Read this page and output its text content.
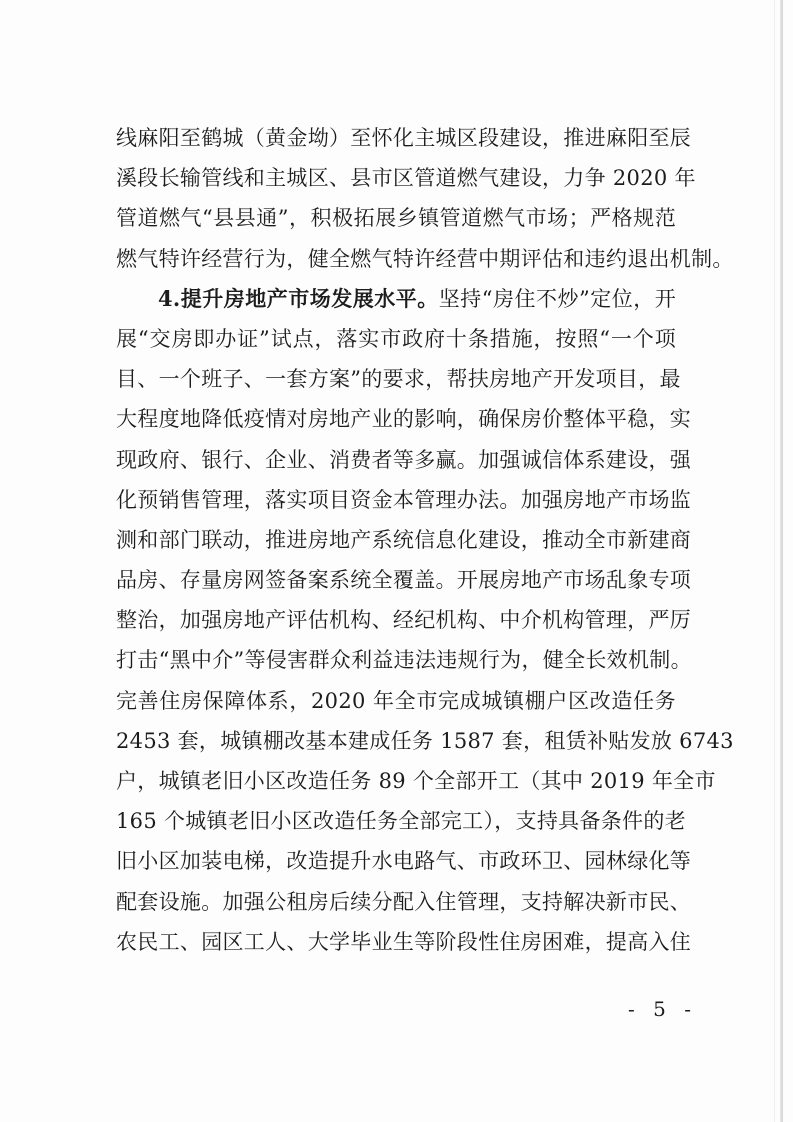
线麻阳至鹤城（黄金坳）至怀化主城区段建设，推进麻阳至辰
溪段长输管线和主城区、县市区管道燃气建设，力争 2020 年
管道燃气“县县通”，积极拓展乡镇管道燃气市场；严格规范
燃气特许经营行为，健全燃气特许经营中期评估和违约退出机制。
4.提升房地产市场发展水平。坚持“房住不炒”定位，开
展“交房即办证”试点，落实市政府十条措施，按照“一个项
目、一个班子、一套方案”的要求，帮扶房地产开发项目，最
大程度地降低疫情对房地产业的影响，确保房价整体平稳，实
现政府、银行、企业、消费者等多赢。加强诚信体系建设，强
化预销售管理，落实项目资金本管理办法。加强房地产市场监
测和部门联动，推进房地产系统信息化建设，推动全市新建商
品房、存量房网签备案系统全覆盖。开展房地产市场乱象专项
整治，加强房地产评估机构、经纪机构、中介机构管理，严厉
打击“黑中介”等侵害群众利益违法违规行为，健全长效机制。
完善住房保障体系，2020 年全市完成城镇棚户区改造任务
2453 套，城镇棚改基本建成任务 1587 套，租赁补贴发放 6743
户，城镇老旧小区改造任务 89 个全部开工（其中 2019 年全市
165 个城镇老旧小区改造任务全部完工），支持具备条件的老
旧小区加装电梯，改造提升水电路气、市政环卫、园林绿化等
配套设施。加强公租房后续分配入住管理，支持解决新市民、
农民工、园区工人、大学毕业生等阶段性住房困难，提高入住
- 5 -
